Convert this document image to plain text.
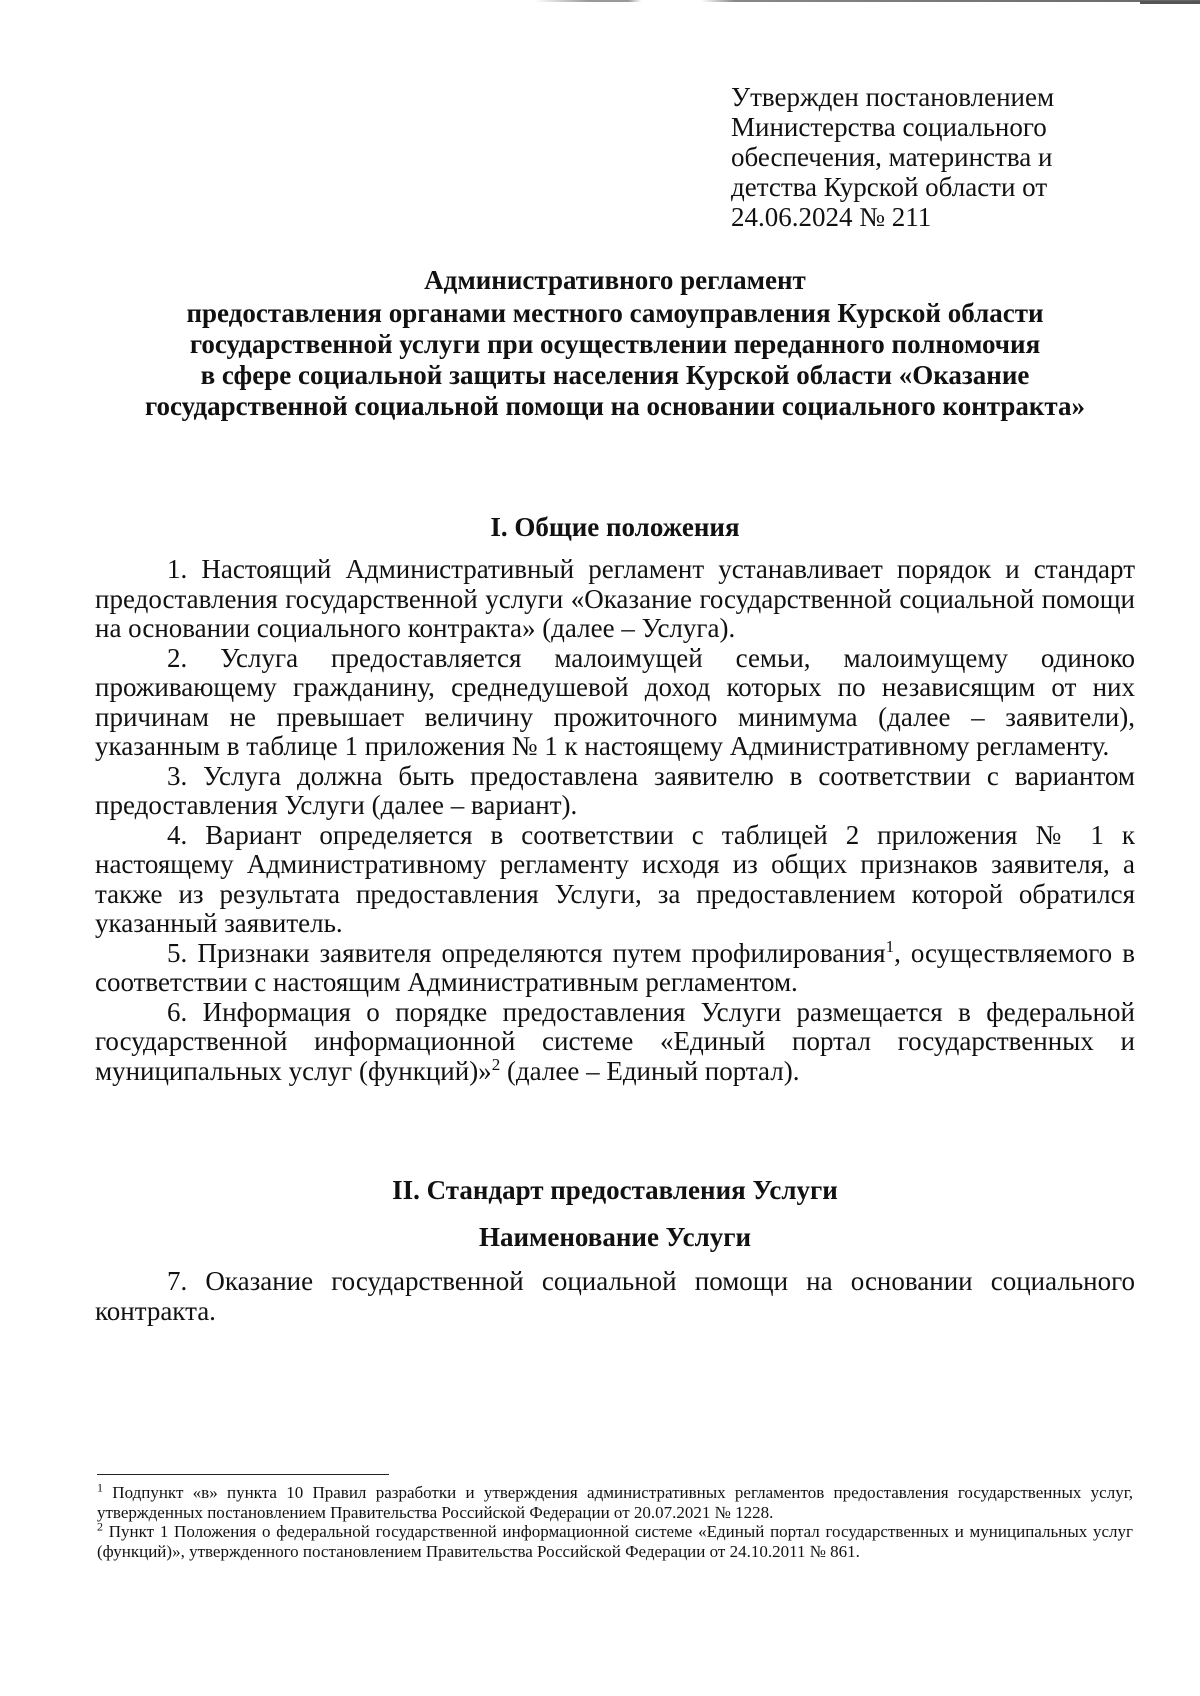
Утвержден постановлением
Министерства социального
обеспечения, материнства и
детства Курской области от
24.06.2024 № 211
Административного регламент
предоставления органами местного самоуправления Курской области
государственной услуги при осуществлении переданного полномочия
в сфере социальной защиты населения Курской области «Оказание
государственной социальной помощи на основании социального контракта»
I. Общие положения

1. Настоящий Административный регламент устанавливает порядок и стандарт предоставления государственной услуги «Оказание государственной социальной помощи на основании социального контракта» (далее – Услуга).

2. Услуга предоставляется малоимущей семьи, малоимущему одиноко проживающему гражданину, среднедушевой доход которых по независящим от них причинам не превышает величину прожиточного минимума (далее – заявители), указанным в таблице 1 приложения № 1 к настоящему Административному регламенту.

3. Услуга должна быть предоставлена заявителю в соответствии с вариантом предоставления Услуги (далее – вариант).

4. Вариант определяется в соответствии с таблицей 2 приложения № 1 к настоящему Административному регламенту исходя из общих признаков заявителя, а также из результата предоставления Услуги, за предоставлением которой обратился указанный заявитель.

5. Признаки заявителя определяются путем профилирования$^1$, осуществляемого в соответствии с настоящим Административным регламентом.

6. Информация о порядке предоставления Услуги размещается в федеральной государственной информационной системе «Единый портал государственных и муниципальных услуг (функций)»$^2$ (далее – Единый портал).

II. Стандарт предоставления Услуги
Наименование Услуги

7. Оказание государственной социальной помощи на основании социального контракта.

$^1$ Подпункт «в» пункта 10 Правил разработки и утверждения административных регламентов предоставления государственных услуг, утвержденных постановлением Правительства Российской Федерации от 20.07.2021 № 1228.

$^2$ Пункт 1 Положения о федеральной государственной информационной системе «Единый портал государственных и муниципальных услуг (функций)», утвержденного постановлением Правительства Российской Федерации от 24.10.2011 № 861.
